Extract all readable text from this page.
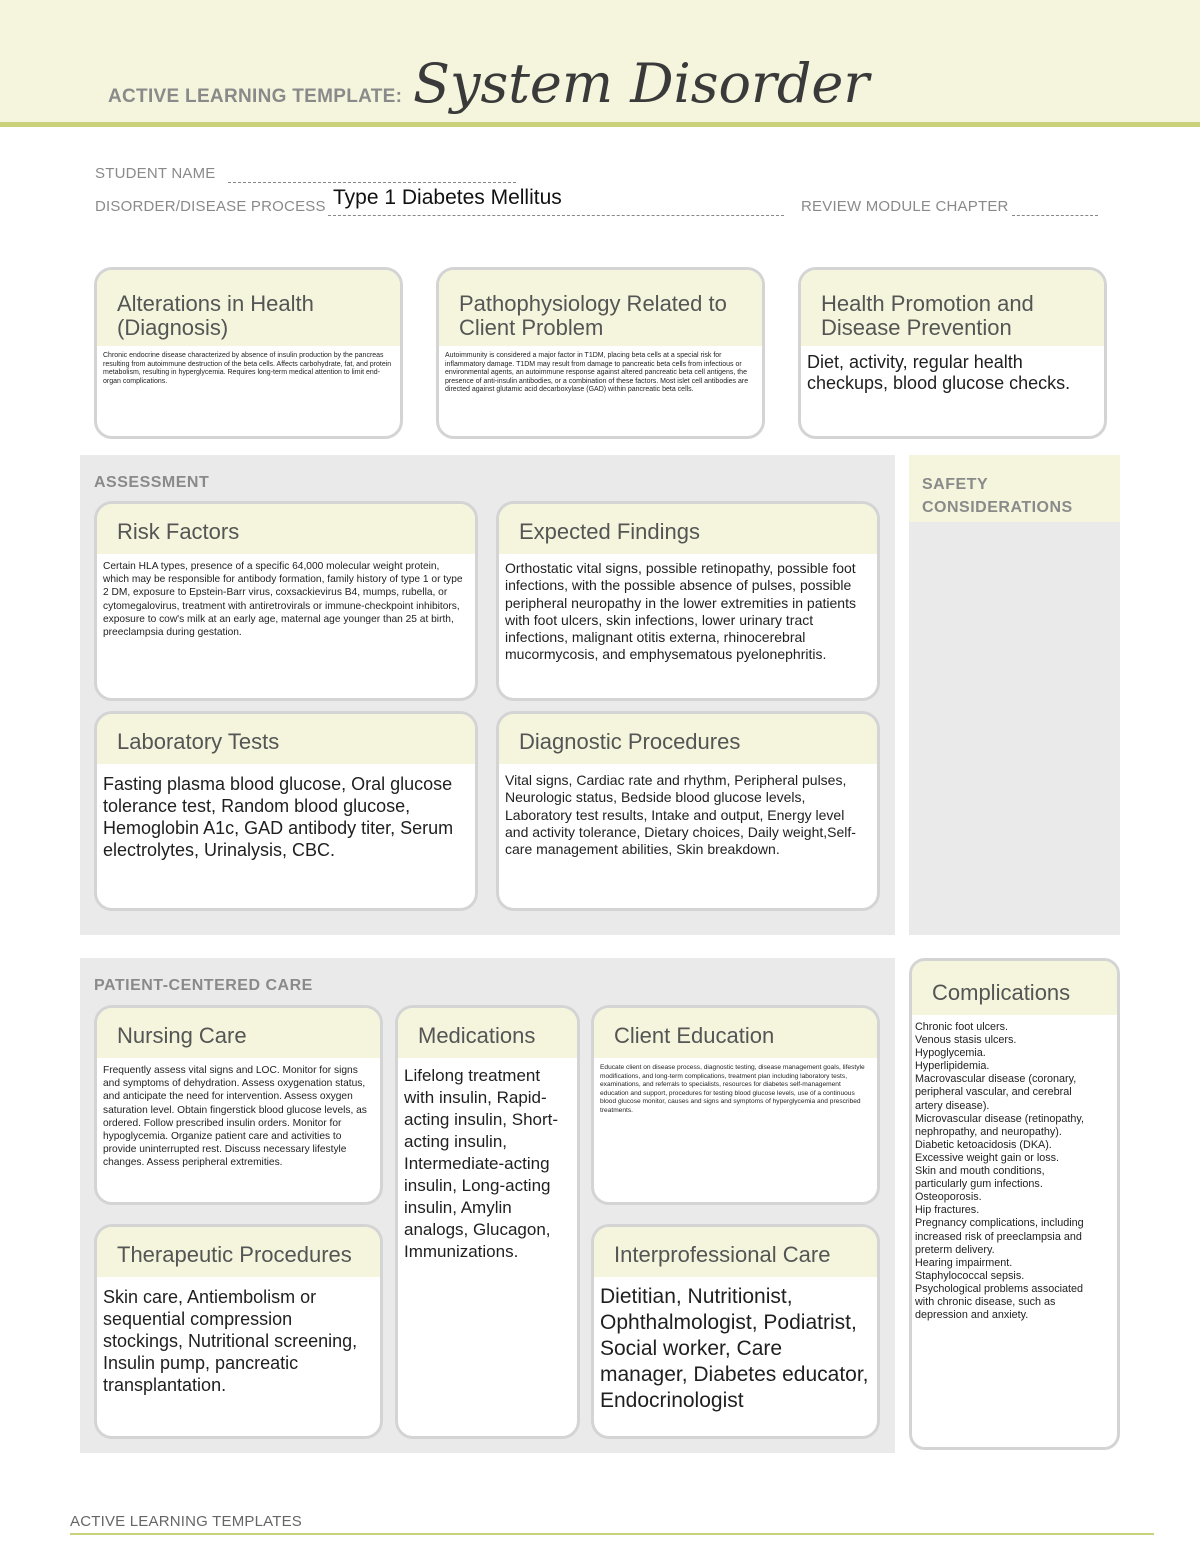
ACTIVE LEARNING TEMPLATE: System Disorder
STUDENT NAME
DISORDER/DISEASE PROCESS Type 1 Diabetes Mellitus	REVIEW MODULE CHAPTER
Alterations in Health (Diagnosis)
Chronic endocrine disease characterized by absence of insulin production by the pancreas resulting from autoimmune destruction of the beta cells. Affects carbohydrate, fat, and protein metabolism, resulting in hyperglycemia. Requires long-term medical attention to limit end-organ complications.
Pathophysiology Related to Client Problem
Autoimmunity is considered a major factor in T1DM, placing beta cells at a special risk for inflammatory damage. T1DM may result from damage to pancreatic beta cells from infectious or environmental agents, an autoimmune response against altered pancreatic beta cell antigens, the presence of anti-insulin antibodies, or a combination of these factors. Most islet cell antibodies are directed against glutamic acid decarboxylase (GAD) within pancreatic beta cells.
Health Promotion and Disease Prevention
Diet, activity, regular health checkups, blood glucose checks.
ASSESSMENT
Risk Factors
Certain HLA types, presence of a specific 64,000 molecular weight protein, which may be responsible for antibody formation, family history of type 1 or type 2 DM, exposure to Epstein-Barr virus, coxsackievirus B4, mumps, rubella, or cytomegalovirus, treatment with antiretrovirals or immune-checkpoint inhibitors, exposure to cow's milk at an early age, maternal age younger than 25 at birth, preeclampsia during gestation.
Expected Findings
Orthostatic vital signs, possible retinopathy, possible foot infections, with the possible absence of pulses, possible peripheral neuropathy in the lower extremities in patients with foot ulcers, skin infections, lower urinary tract infections, malignant otitis externa, rhinocerebral mucormycosis, and emphysematous pyelonephritis.
Laboratory Tests
Fasting plasma blood glucose, Oral glucose tolerance test, Random blood glucose, Hemoglobin A1c, GAD antibody titer, Serum electrolytes, Urinalysis, CBC.
Diagnostic Procedures
Vital signs, Cardiac rate and rhythm, Peripheral pulses, Neurologic status, Bedside blood glucose levels, Laboratory test results, Intake and output, Energy level and activity tolerance, Dietary choices, Daily weight,Self-care management abilities, Skin breakdown.
SAFETY CONSIDERATIONS
PATIENT-CENTERED CARE
Nursing Care
Frequently assess vital signs and LOC. Monitor for signs and symptoms of dehydration. Assess oxygenation status, and anticipate the need for intervention. Assess oxygen saturation level. Obtain fingerstick blood glucose levels, as ordered. Follow prescribed insulin orders. Monitor for hypoglycemia. Organize patient care and activities to provide uninterrupted rest. Discuss necessary lifestyle changes. Assess peripheral extremities.
Medications
Lifelong treatment with insulin, Rapid-acting insulin, Short-acting insulin, Intermediate-acting insulin, Long-acting insulin, Amylin analogs, Glucagon, Immunizations.
Client Education
Educate client on disease process, diagnostic testing, disease management goals, lifestyle modifications, and long-term complications, treatment plan including laboratory tests, examinations, and referrals to specialists, resources for diabetes self-management education and support, procedures for testing blood glucose levels, use of a continuous blood glucose monitor, causes and signs and symptoms of hyperglycemia and prescribed treatments.
Therapeutic Procedures
Skin care, Antiembolism or sequential compression stockings, Nutritional screening, Insulin pump, pancreatic transplantation.
Interprofessional Care
Dietitian, Nutritionist, Ophthalmologist, Podiatrist, Social worker, Care manager, Diabetes educator, Endocrinologist
Complications
Chronic foot ulcers.
Venous stasis ulcers.
Hypoglycemia.
Hyperlipidemia.
Macrovascular disease (coronary,
peripheral vascular, and cerebral
artery disease).
Microvascular disease (retinopathy,
nephropathy, and neuropathy).
Diabetic ketoacidosis (DKA).
Excessive weight gain or loss.
Skin and mouth conditions,
particularly gum infections.
Osteoporosis.
Hip fractures.
Pregnancy complications, including
increased risk of preeclampsia and
preterm delivery.
Hearing impairment.
Staphylococcal sepsis.
Psychological problems associated
with chronic disease, such as
depression and anxiety.
ACTIVE LEARNING TEMPLATES
